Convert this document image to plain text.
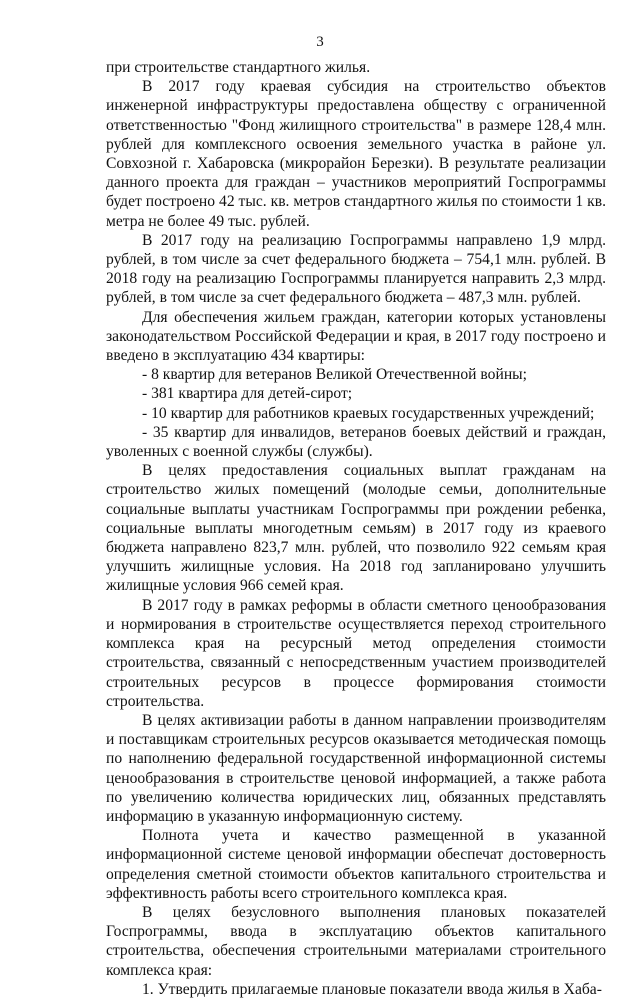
3

при строительстве стандартного жилья.

В 2017 году краевая субсидия на строительство объектов инженерной инфраструктуры предоставлена обществу с ограниченной ответственностью "Фонд жилищного строительства" в размере 128,4 млн. рублей для комплексного освоения земельного участка в районе ул. Совхозной г. Хабаровска (микрорайон Березки). В результате реализации данного проекта для граждан – участников мероприятий Госпрограммы будет построено 42 тыс. кв. метров стандартного жилья по стоимости 1 кв. метра не более 49 тыс. рублей.

В 2017 году на реализацию Госпрограммы направлено 1,9 млрд. рублей, в том числе за счет федерального бюджета – 754,1 млн. рублей. В 2018 году на реализацию Госпрограммы планируется направить 2,3 млрд. рублей, в том числе за счет федерального бюджета – 487,3 млн. рублей.

Для обеспечения жильем граждан, категории которых установлены законодательством Российской Федерации и края, в 2017 году построено и введено в эксплуатацию 434 квартиры:

- 8 квартир для ветеранов Великой Отечественной войны;

- 381 квартира для детей-сирот;

- 10 квартир для работников краевых государственных учреждений;

- 35 квартир для инвалидов, ветеранов боевых действий и граждан, уволенных с военной службы (службы).

В целях предоставления социальных выплат гражданам на строительство жилых помещений (молодые семьи, дополнительные социальные выплаты участникам Госпрограммы при рождении ребенка, социальные выплаты многодетным семьям) в 2017 году из краевого бюджета направлено 823,7 млн. рублей, что позволило 922 семьям края улучшить жилищные условия. На 2018 год запланировано улучшить жилищные условия 966 семей края.

В 2017 году в рамках реформы в области сметного ценообразования и нормирования в строительстве осуществляется переход строительного комплекса края на ресурсный метод определения стоимости строительства, связанный с непосредственным участием производителей строительных ресурсов в процессе формирования стоимости строительства.

В целях активизации работы в данном направлении производителям и поставщикам строительных ресурсов оказывается методическая помощь по наполнению федеральной государственной информационной системы ценообразования в строительстве ценовой информацией, а также работа по увеличению количества юридических лиц, обязанных представлять информацию в указанную информационную систему.

Полнота учета и качество размещенной в указанной информационной системе ценовой информации обеспечат достоверность определения сметной стоимости объектов капитального строительства и эффективность работы всего строительного комплекса края.

В целях безусловного выполнения плановых показателей Госпрограммы, ввода в эксплуатацию объектов капитального строительства, обеспечения строительными материалами строительного комплекса края:

1. Утвердить прилагаемые плановые показатели ввода жилья в Хаба-
